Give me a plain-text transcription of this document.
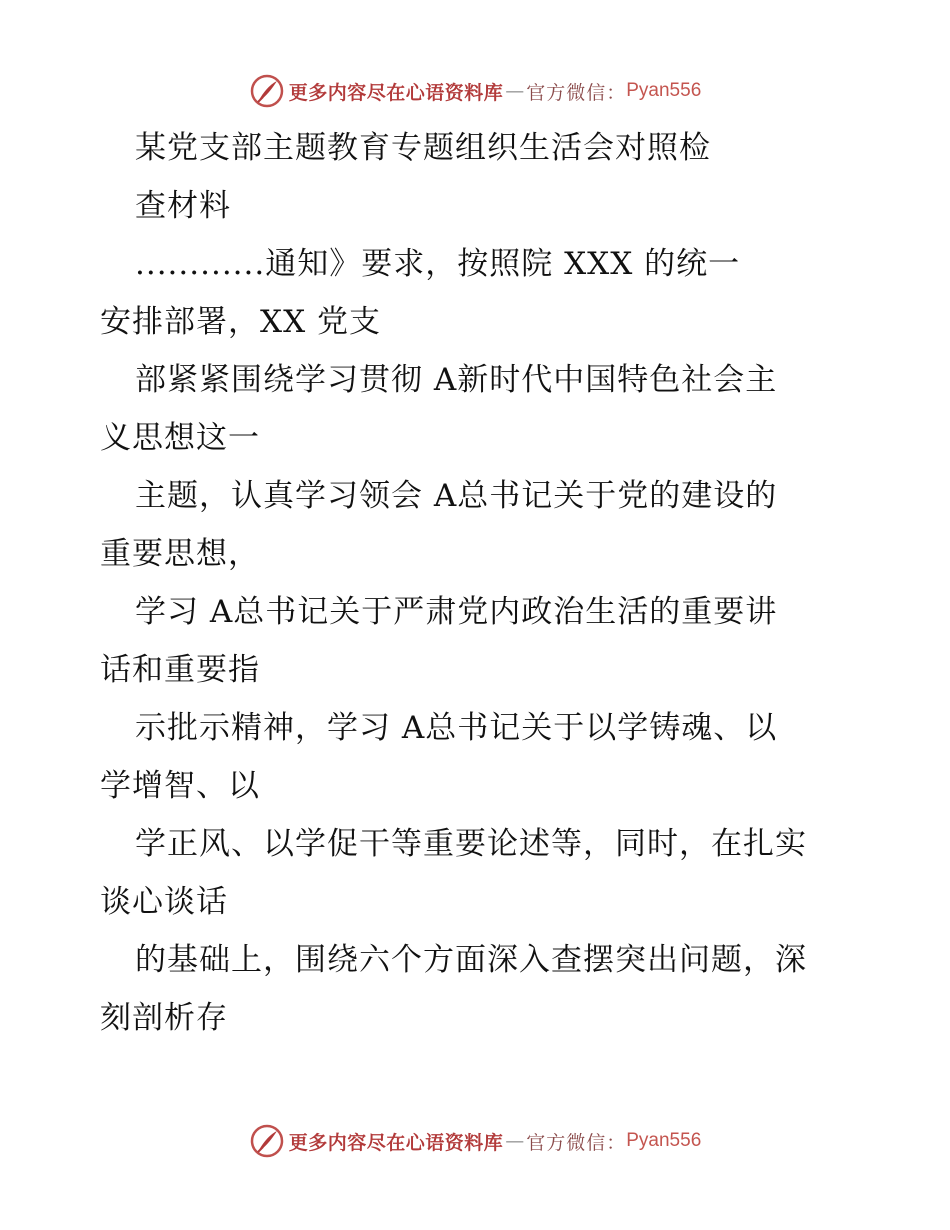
更多内容尽在心语资料库 — 官方微信： Pyan556
某党支部主题教育专题组织生活会对照检
查材料
............通知》要求，按照院 XXX 的统一
安排部署，XX 党支
部紧紧围绕学习贯彻 A新时代中国特色社会主
义思想这一
主题，认真学习领会 A总书记关于党的建设的
重要思想，
学习 A总书记关于严肃党内政治生活的重要讲
话和重要指
示批示精神，学习 A总书记关于以学铸魂、以
学增智、以
学正风、以学促干等重要论述等，同时，在扎实
谈心谈话
的基础上，围绕六个方面深入查摆突出问题，深
刻剖析存
更多内容尽在心语资料库 — 官方微信： Pyan556
